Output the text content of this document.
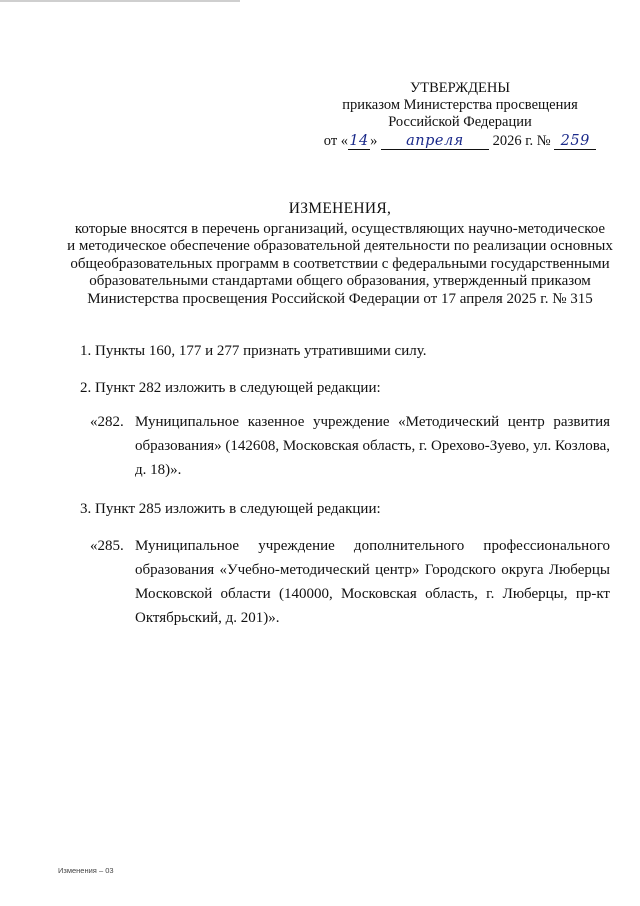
УТВЕРЖДЕНЫ
приказом Министерства просвещения
Российской Федерации
от «14» апреля 2026 г. № 259
ИЗМЕНЕНИЯ,
которые вносятся в перечень организаций, осуществляющих научно-методическое
и методическое обеспечение образовательной деятельности по реализации основных
общеобразовательных программ в соответствии с федеральными государственными
образовательными стандартами общего образования, утвержденный приказом
Министерства просвещения Российской Федерации от 17 апреля 2025 г. № 315
1. Пункты 160, 177 и 277 признать утратившими силу.
2. Пункт 282 изложить в следующей редакции:
«282. Муниципальное казенное учреждение «Методический центр развития образования» (142608, Московская область, г. Орехово-Зуево, ул. Козлова, д. 18)».
3. Пункт 285 изложить в следующей редакции:
«285. Муниципальное учреждение дополнительного профессионального образования «Учебно-методический центр» Городского округа Люберцы Московской области (140000, Московская область, г. Люберцы, пр-кт Октябрьский, д. 201)».
Изменения – 03
